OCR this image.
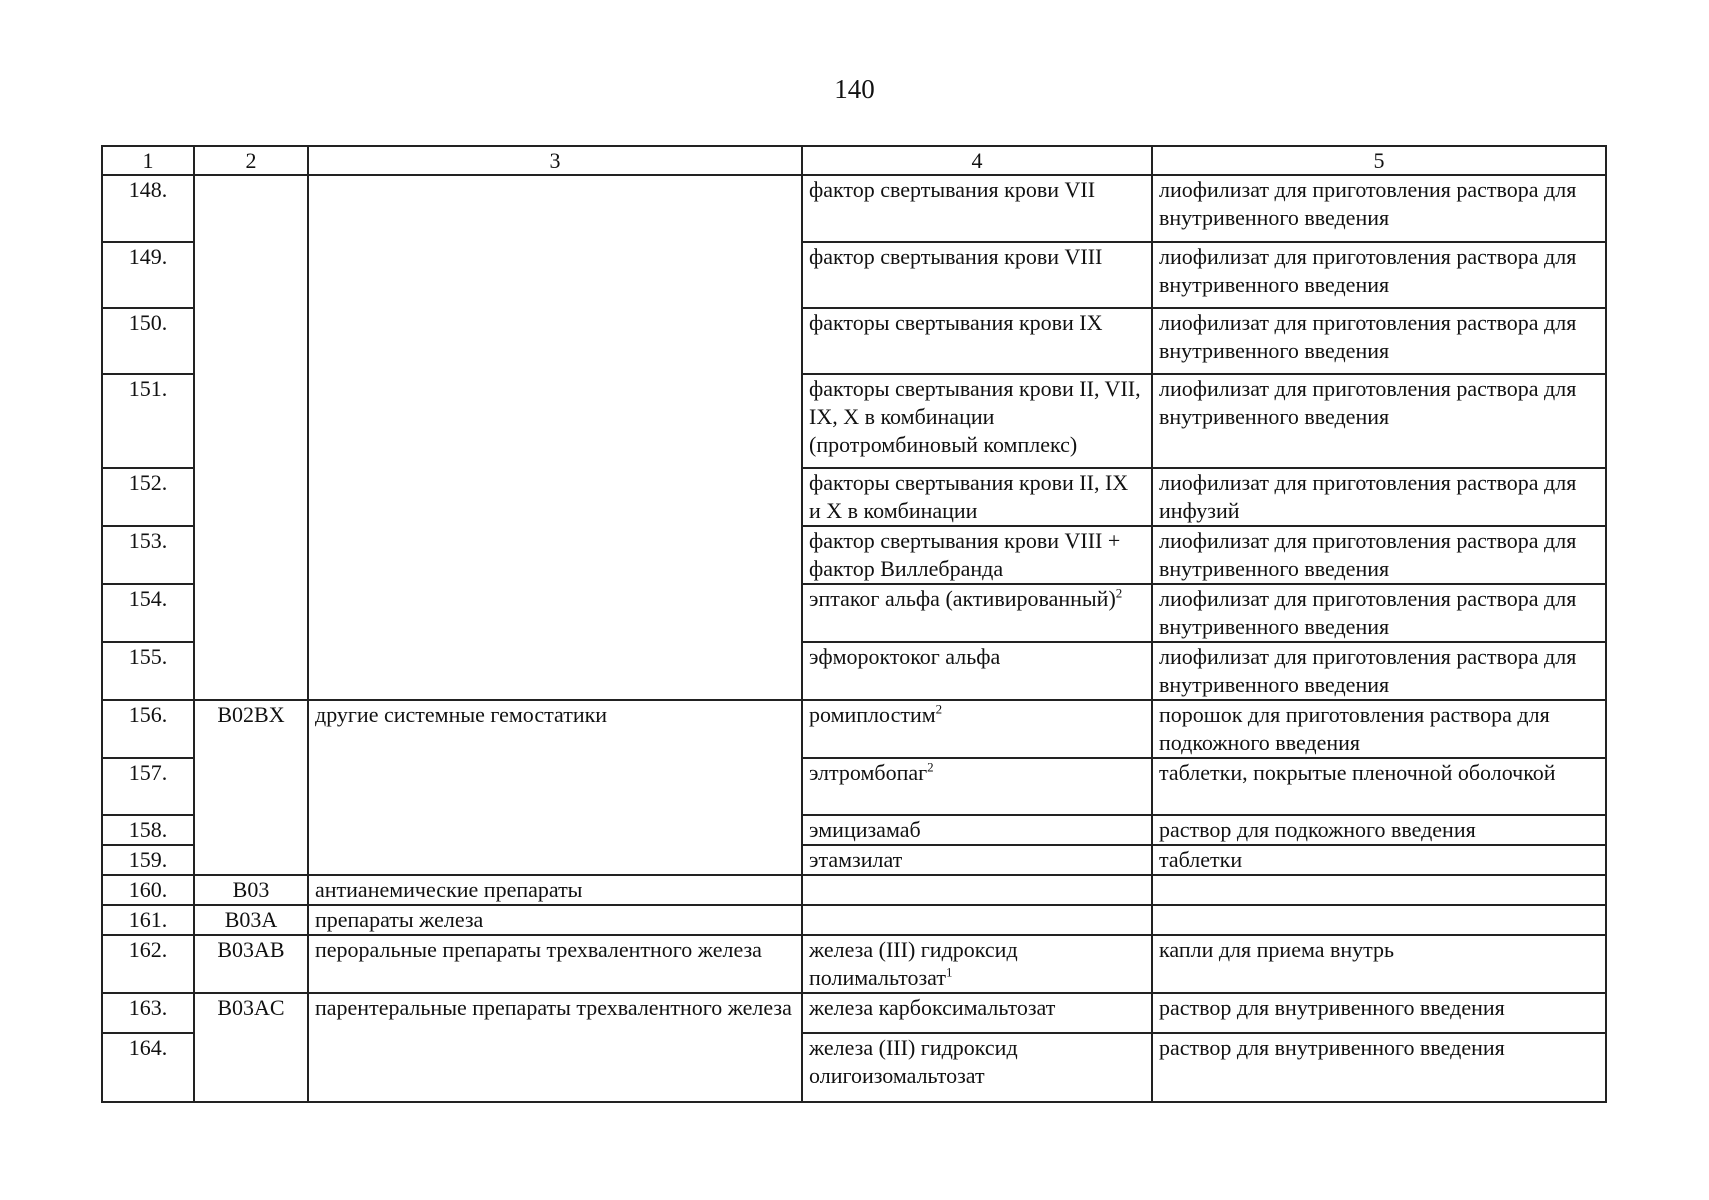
140
1	2	3	4	5
148.			фактор свертывания крови VII	лиофилизат для приготовления раствора для внутривенного введения
149.			фактор свертывания крови VIII	лиофилизат для приготовления раствора для внутривенного введения
150.			факторы свертывания крови IX	лиофилизат для приготовления раствора для внутривенного введения
151.			факторы свертывания крови II, VII, IX, X в комбинации (протромбиновый комплекс)	лиофилизат для приготовления раствора для внутривенного введения
152.			факторы свертывания крови II, IX и X в комбинации	лиофилизат для приготовления раствора для инфузий
153.			фактор свертывания крови VIII + фактор Виллебранда	лиофилизат для приготовления раствора для внутривенного введения
154.			эптаког альфа (активированный)$^2$	лиофилизат для приготовления раствора для внутривенного введения
155.			эфмороктоког альфа	лиофилизат для приготовления раствора для внутривенного введения
156.	B02BX	другие системные гемостатики	ромиплостим$^2$	порошок для приготовления раствора для подкожного введения
157.			элтромбопаг$^2$	таблетки, покрытые пленочной оболочкой
158.			эмицизамаб	раствор для подкожного введения
159.			этамзилат	таблетки
160.	B03	антианемические препараты		
161.	B03A	препараты железа		
162.	B03AB	пероральные препараты трехвалентного железа	железа (III) гидроксид полимальтозат$^1$	капли для приема внутрь
163.	B03AC	парентеральные препараты трехвалентного железа	железа карбоксимальтозат	раствор для внутривенного введения
164.			железа (III) гидроксид олигоизомальтозат	раствор для внутривенного введения
